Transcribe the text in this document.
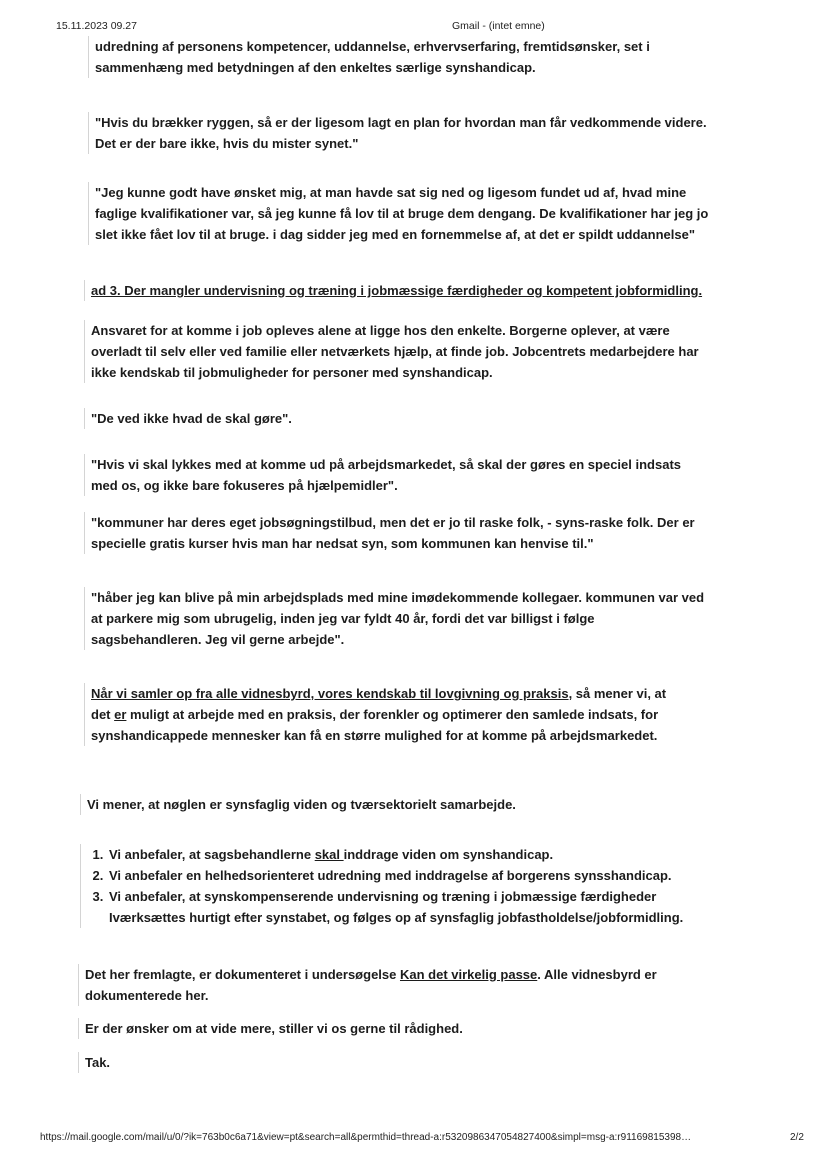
15.11.2023 09.27	Gmail - (intet emne)
udredning af personens kompetencer, uddannelse, erhvervserfaring, fremtidsønsker, set i
sammenhæng med betydningen af den enkeltes særlige synshandicap.
"Hvis du brækker ryggen, så er der ligesom lagt en plan for hvordan man får vedkommende videre.
Det er der bare ikke, hvis du mister synet."
"Jeg kunne godt have ønsket mig, at man havde sat sig ned og ligesom fundet ud af, hvad mine
faglige kvalifikationer var, så jeg kunne få lov til at bruge dem dengang. De kvalifikationer har jeg jo
slet ikke fået lov til at bruge. i dag sidder jeg med en fornemmelse af, at det er spildt uddannelse"
ad 3. Der mangler undervisning og træning i jobmæssige færdigheder og kompetent jobformidling.
Ansvaret for at komme i job opleves alene at ligge hos den enkelte. Borgerne oplever, at være
overladt til selv eller ved familie eller netværkets hjælp, at finde job. Jobcentrets medarbejdere har
ikke kendskab til jobmuligheder for personer med synshandicap.
"De ved ikke hvad de skal gøre".
"Hvis vi skal lykkes med at komme ud på arbejdsmarkedet, så skal der gøres en speciel indsats
med os, og ikke bare fokuseres på hjælpemidler".
"kommuner har deres eget jobsøgningstilbud, men det er jo til raske folk, - syns-raske folk. Der er
specielle gratis kurser hvis man har nedsat syn, som kommunen kan henvise til."
"håber jeg kan blive på min arbejdsplads med mine imødekommende kollegaer. kommunen var ved
at parkere mig som ubrugelig, inden jeg var fyldt 40 år, fordi det var billigst i følge
sagsbehandleren. Jeg vil gerne arbejde".
Når vi samler op fra alle vidnesbyrd, vores kendskab til lovgivning og praksis, så mener vi, at
det er muligt at arbejde med en praksis, der forenkler og optimerer den samlede indsats, for
synshandicappede mennesker kan få en større mulighed for at komme på arbejdsmarkedet.
Vi mener, at nøglen er synsfaglig viden og tværsektorielt samarbejde.
1. Vi anbefaler, at sagsbehandlerne skal inddrage viden om synshandicap.
2. Vi anbefaler en helhedsorienteret udredning med inddragelse af borgerens synsshandicap.
3. Vi anbefaler, at synskompenserende undervisning og træning i jobmæssige færdigheder
Iværksættes hurtigt efter synstabet, og følges op af synsfaglig jobfastholdelse/jobformidling.
Det her fremlagte, er dokumenteret i undersøgelse Kan det virkelig passe. Alle vidnesbyrd er
dokumenterede her.
Er der ønsker om at vide mere, stiller vi os gerne til rådighed.
Tak.
https://mail.google.com/mail/u/0/?ik=763b0c6a71&view=pt&search=all&permthid=thread-a:r5320986347054827400&simpl=msg-a:r91169815398…	2/2
